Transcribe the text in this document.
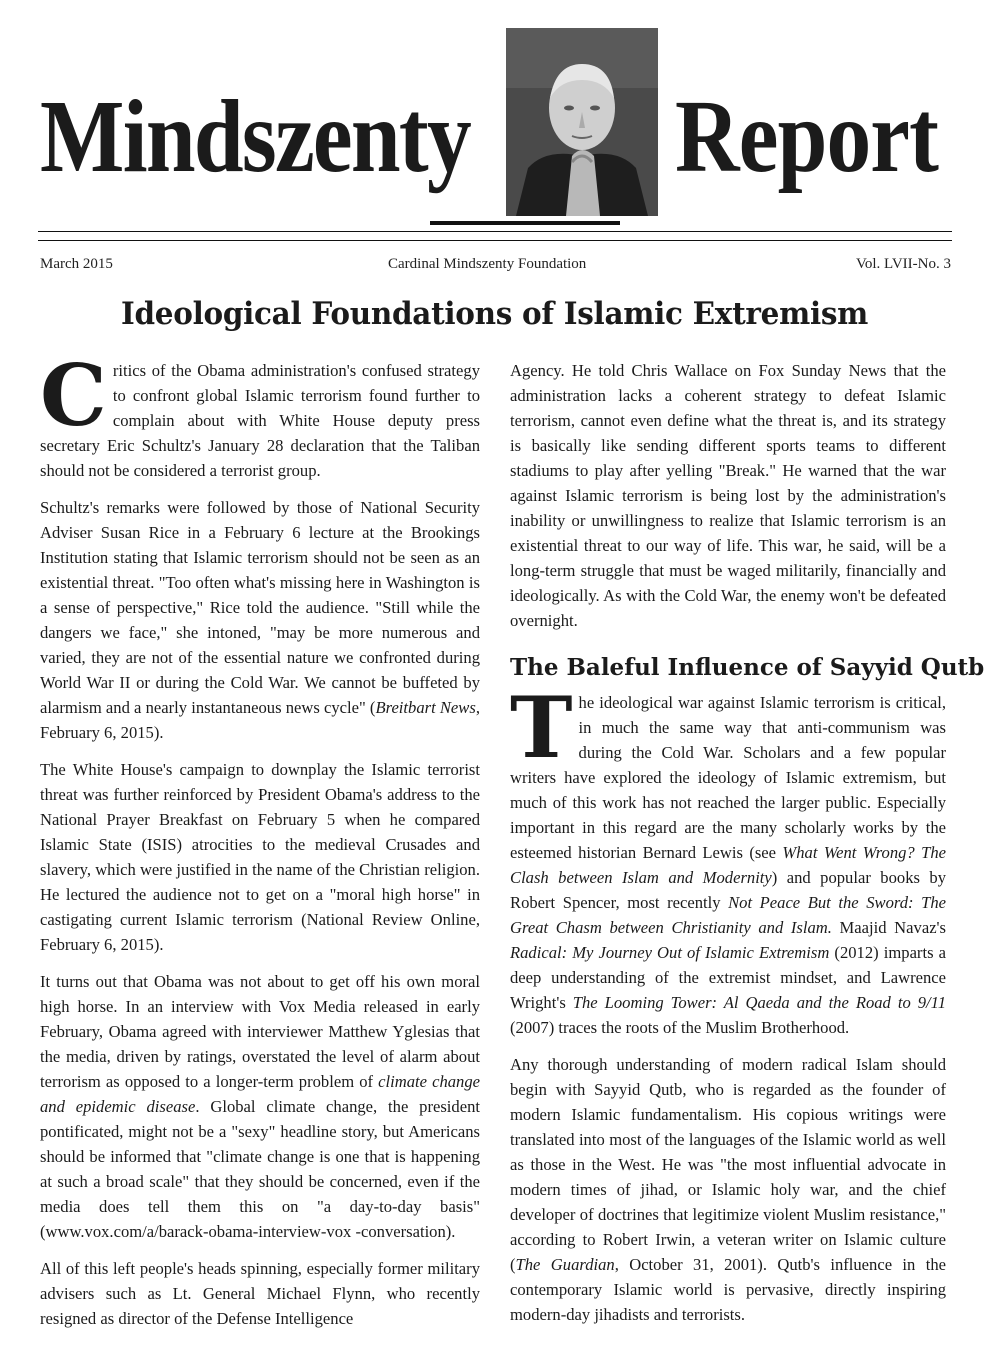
Mindszenty Report
March 2015	Cardinal Mindszenty Foundation	Vol. LVII-No. 3
Ideological Foundations of Islamic Extremism

Critics of the Obama administration's confused strategy to confront global Islamic terrorism found further to complain about with White House deputy press secretary Eric Schultz's January 28 declaration that the Taliban should not be considered a terrorist group.

Schultz's remarks were followed by those of National Security Adviser Susan Rice in a February 6 lecture at the Brookings Institution stating that Islamic terrorism should not be seen as an existential threat. "Too often what's missing here in Washington is a sense of perspective," Rice told the audience. "Still while the dangers we face," she intoned, "may be more numerous and varied, they are not of the essential nature we confronted during World War II or during the Cold War. We cannot be buffeted by alarmism and a nearly instantaneous news cycle" (Breitbart News, February 6, 2015).

The White House's campaign to downplay the Islamic terrorist threat was further reinforced by President Obama's address to the National Prayer Breakfast on February 5 when he compared Islamic State (ISIS) atrocities to the medieval Crusades and slavery, which were justified in the name of the Christian religion. He lectured the audience not to get on a "moral high horse" in castigating current Islamic terrorism (National Review Online, February 6, 2015).

It turns out that Obama was not about to get off his own moral high horse. In an interview with Vox Media released in early February, Obama agreed with interviewer Matthew Yglesias that the media, driven by ratings, overstated the level of alarm about terrorism as opposed to a longer-term problem of climate change and epidemic disease. Global climate change, the president pontificated, might not be a "sexy" headline story, but Americans should be informed that "climate change is one that is happening at such a broad scale" that they should be concerned, even if the media does tell them this on "a day-to-day basis" (www.vox.com/a/barack-obama-interview-vox -conversation).

All of this left people's heads spinning, especially former military advisers such as Lt. General Michael Flynn, who recently resigned as director of the Defense Intelligence

Agency. He told Chris Wallace on Fox Sunday News that the administration lacks a coherent strategy to defeat Islamic terrorism, cannot even define what the threat is, and its strategy is basically like sending different sports teams to different stadiums to play after yelling "Break." He warned that the war against Islamic terrorism is being lost by the administration's inability or unwillingness to realize that Islamic terrorism is an existential threat to our way of life. This war, he said, will be a long-term struggle that must be waged militarily, financially and ideologically. As with the Cold War, the enemy won't be defeated overnight.

The Baleful Influence of Sayyid Qutb

The ideological war against Islamic terrorism is critical, in much the same way that anti-communism was during the Cold War. Scholars and a few popular writers have explored the ideology of Islamic extremism, but much of this work has not reached the larger public. Especially important in this regard are the many scholarly works by the esteemed historian Bernard Lewis (see What Went Wrong? The Clash between Islam and Modernity) and popular books by Robert Spencer, most recently Not Peace But the Sword: The Great Chasm between Christianity and Islam. Maajid Navaz's Radical: My Journey Out of Islamic Extremism (2012) imparts a deep understanding of the extremist mindset, and Lawrence Wright's The Looming Tower: Al Qaeda and the Road to 9/11 (2007) traces the roots of the Muslim Brotherhood.

Any thorough understanding of modern radical Islam should begin with Sayyid Qutb, who is regarded as the founder of modern Islamic fundamentalism. His copious writings were translated into most of the languages of the Islamic world as well as those in the West. He was "the most influential advocate in modern times of jihad, or Islamic holy war, and the chief developer of doctrines that legitimize violent Muslim resistance," according to Robert Irwin, a veteran writer on Islamic culture (The Guardian, October 31, 2001). Qutb's influence in the contemporary Islamic world is pervasive, directly inspiring modern-day jihadists and terrorists.
